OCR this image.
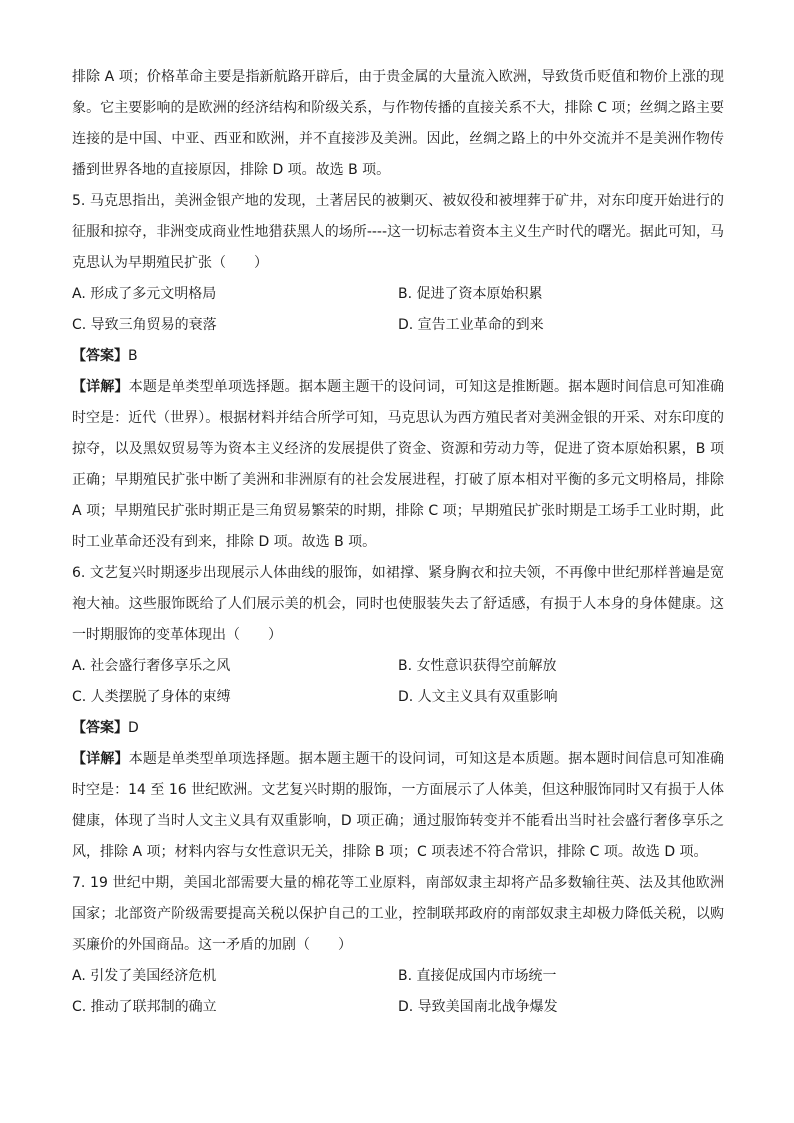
排除 A 项；价格革命主要是指新航路开辟后，由于贵金属的大量流入欧洲，导致货币贬值和物价上涨的现象。它主要影响的是欧洲的经济结构和阶级关系，与作物传播的直接关系不大，排除 C 项；丝绸之路主要连接的是中国、中亚、西亚和欧洲，并不直接涉及美洲。因此，丝绸之路上的中外交流并不是美洲作物传播到世界各地的直接原因，排除 D 项。故选 B 项。

5. 马克思指出，美洲金银产地的发现，土著居民的被剿灭、被奴役和被埋葬于矿井，对东印度开始进行的征服和掠夺，非洲变成商业性地猎获黑人的场所----这一切标志着资本主义生产时代的曙光。据此可知，马克思认为早期殖民扩张（　　）

A. 形成了多元文明格局	B. 促进了资本原始积累
C. 导致三角贸易的衰落	D. 宣告工业革命的到来

【答案】B

【详解】本题是单类型单项选择题。据本题主题干的设问词，可知这是推断题。据本题时间信息可知准确时空是：近代（世界）。根据材料并结合所学可知，马克思认为西方殖民者对美洲金银的开采、对东印度的掠夺，以及黑奴贸易等为资本主义经济的发展提供了资金、资源和劳动力等，促进了资本原始积累，B 项正确；早期殖民扩张中断了美洲和非洲原有的社会发展进程，打破了原本相对平衡的多元文明格局，排除 A 项；早期殖民扩张时期正是三角贸易繁荣的时期，排除 C 项；早期殖民扩张时期是工场手工业时期，此时工业革命还没有到来，排除 D 项。故选 B 项。

6. 文艺复兴时期逐步出现展示人体曲线的服饰，如裙撑、紧身胸衣和拉夫领，不再像中世纪那样普遍是宽袍大袖。这些服饰既给了人们展示美的机会，同时也使服装失去了舒适感，有损于人本身的身体健康。这一时期服饰的变革体现出（　　）

A. 社会盛行奢侈享乐之风	B. 女性意识获得空前解放
C. 人类摆脱了身体的束缚	D. 人文主义具有双重影响

【答案】D

【详解】本题是单类型单项选择题。据本题主题干的设问词，可知这是本质题。据本题时间信息可知准确时空是：14 至 16 世纪欧洲。文艺复兴时期的服饰，一方面展示了人体美，但这种服饰同时又有损于人体健康，体现了当时人文主义具有双重影响，D 项正确；通过服饰转变并不能看出当时社会盛行奢侈享乐之风，排除 A 项；材料内容与女性意识无关，排除 B 项；C 项表述不符合常识，排除 C 项。故选 D 项。

7. 19 世纪中期，美国北部需要大量的棉花等工业原料，南部奴隶主却将产品多数输往英、法及其他欧洲国家；北部资产阶级需要提高关税以保护自己的工业，控制联邦政府的南部奴隶主却极力降低关税，以购买廉价的外国商品。这一矛盾的加剧（　　）

A. 引发了美国经济危机	B. 直接促成国内市场统一
C. 推动了联邦制的确立	D. 导致美国南北战争爆发
